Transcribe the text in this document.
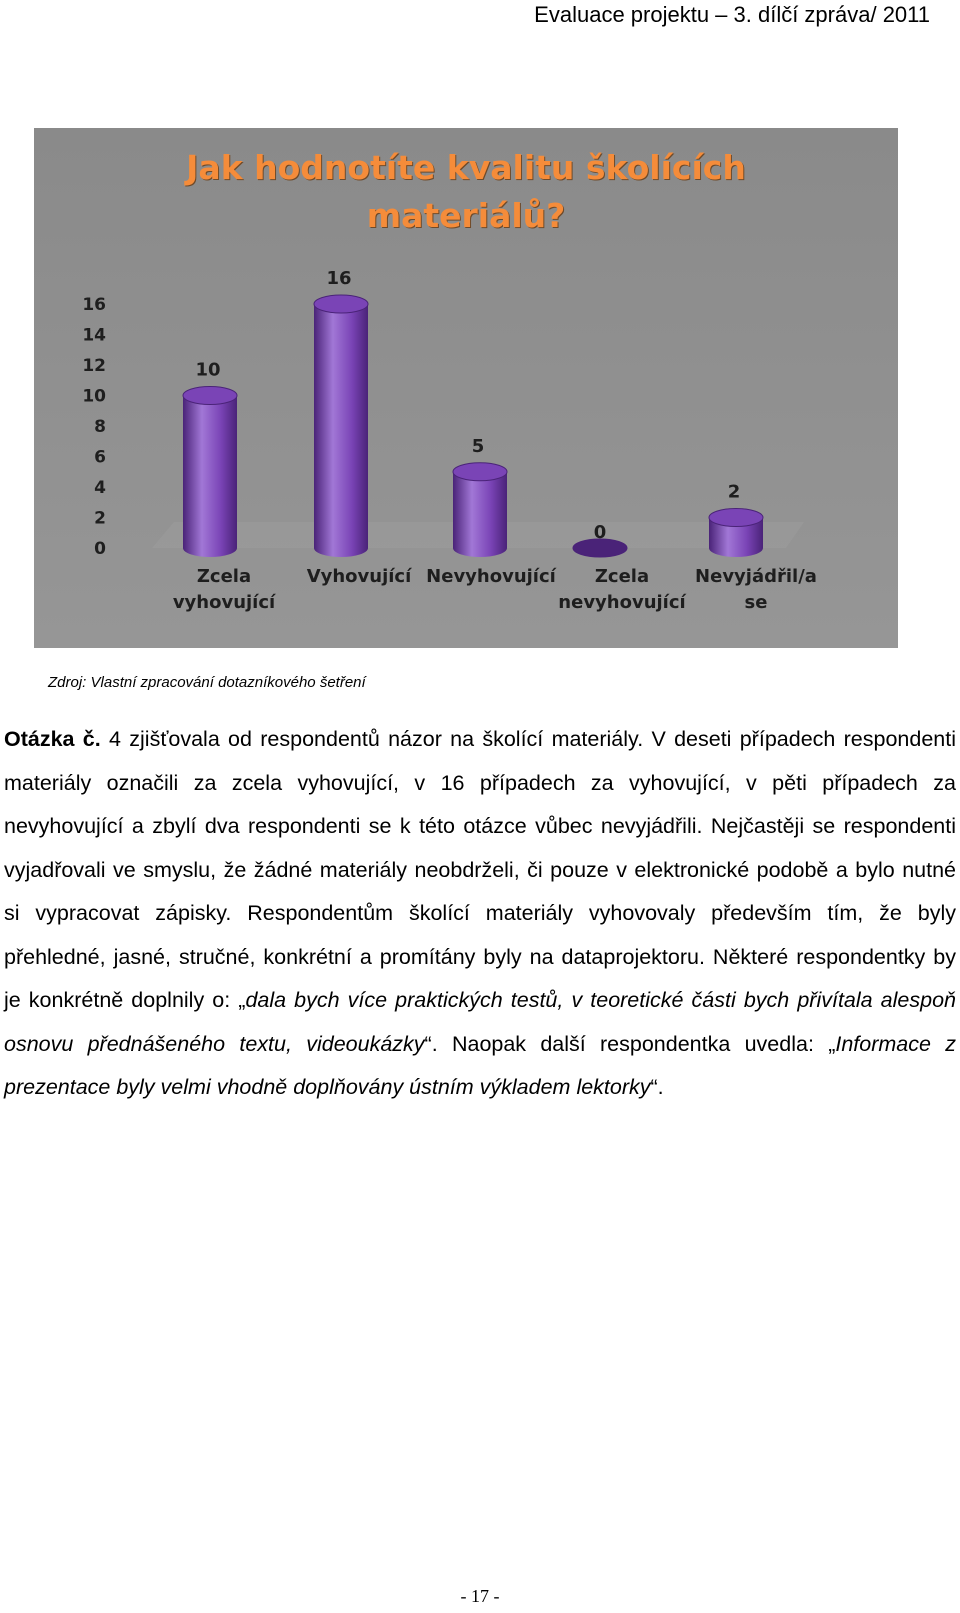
Evaluace projektu – 3. dílčí zpráva/ 2011
0
2
4
6
8
10
12
14
16
10
16
5
0
2
Zcela vyhovující
Vyhovující Nevyhovující	Zcela nevyhovující
Nevyjádřil/a se
Jak hodnotíte kvalitu školících
materiálů?
Zdroj: Vlastní zpracování dotazníkového šetření

Otázka č. 4 zjišťovala od respondentů názor na školící materiály. V deseti případech respondenti materiály označili za zcela vyhovující, v 16 případech za vyhovující, v pěti případech za nevyhovující a zbylí dva respondenti se k této otázce vůbec nevyjádřili. Nejčastěji se respondenti vyjadřovali ve smyslu, že žádné materiály neobdrželi, či pouze v elektronické podobě a bylo nutné si vypracovat zápisky. Respondentům školící materiály vyhovovaly především tím, že byly přehledné, jasné, stručné, konkrétní a promítány byly na dataprojektoru. Některé respondentky by je konkrétně doplnily o: „dala bych více praktických testů, v teoretické části bych přivítala alespoň osnovu přednášeného textu, videoukázky“. Naopak další respondentka uvedla: „Informace z prezentace byly velmi vhodně doplňovány ústním výkladem lektorky“.

- 17 -
